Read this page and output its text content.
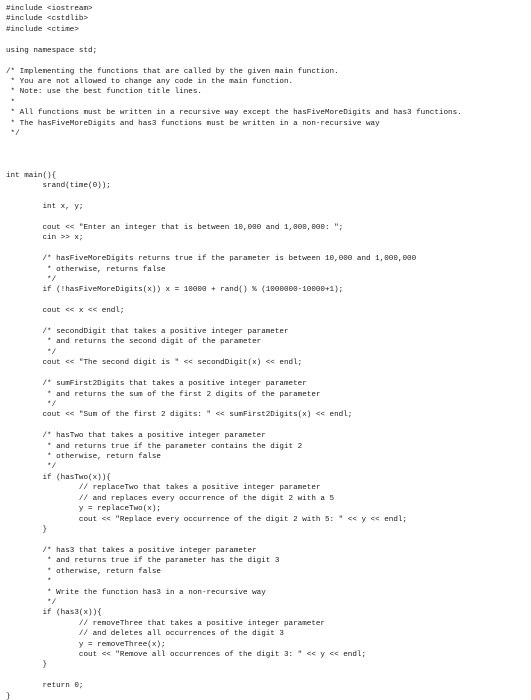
#include <iostream>
#include <cstdlib>
#include <ctime>
using namespace std;
/* Implementing the functions that are called by the given main function.
* You are not allowed to change any code in the main function.
* Note: use the best function title lines.
*
* All functions must be written in a recursive way except the hasFiveMoreDigits and has3 functions.
* The hasFiveMoreDigits and has3 functions must be written in a non-recursive way
*/
int main(){
srand(time(0));
int x, y;
cout << "Enter an integer that is between 10,000 and 1,000,000: ";
cin >> x;
/* hasFiveMoreDigits returns true if the parameter is between 10,000 and 1,000,000
* otherwise, returns false
*/
if (!hasFiveMoreDigits(x)) x = 10000 + rand() % (1000000-10000+1);
cout << x << endl;
/* secondDigit that takes a positive integer parameter
* and returns the second digit of the parameter
*/
cout << "The second digit is " << secondDigit(x) << endl;
/* sumFirst2Digits that takes a positive integer parameter
* and returns the sum of the first 2 digits of the parameter
*/
cout << "Sum of the first 2 digits: " << sumFirst2Digits(x) << endl;
/* hasTwo that takes a positive integer parameter
* and returns true if the parameter contains the digit 2
* otherwise, return false
*/
if (hasTwo(x)){
// replaceTwo that takes a positive integer parameter
// and replaces every occurrence of the digit 2 with a 5
y = replaceTwo(x);
cout << "Replace every occurrence of the digit 2 with 5: " << y << endl;
}
/* has3 that takes a positive integer parameter
* and returns true if the parameter has the digit 3
* otherwise, return false
*
* Write the function has3 in a non-recursive way
*/
if (has3(x)){
// removeThree that takes a positive integer parameter
// and deletes all occurrences of the digit 3
y = removeThree(x);
cout << "Remove all occurrences of the digit 3: " << y << endl;
}
return 0;
}
